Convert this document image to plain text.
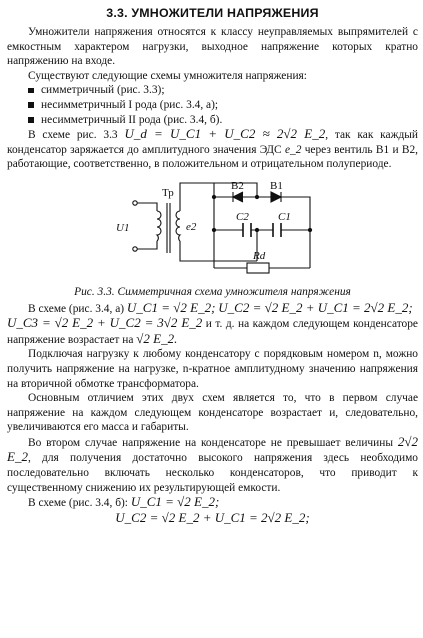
3.3. УМНОЖИТЕЛИ НАПРЯЖЕНИЯ

Умножители напряжения относятся к классу неуправляемых выпрямителей с емкостным характером нагрузки, выходное напряжение которых кратно напряжению на входе.

Существуют следующие схемы умножителя напряжения:

симметричный (рис. 3.3);
несимметричный I рода (рис. 3.4, а);
несимметричный II рода (рис. 3.4, б).

В схеме рис. 3.3 U_d = U_C1 + U_C2 ≈ 2√2 E_2, так как каждый конденсатор заряжается до амплитудного значения ЭДС e_2 через вентиль B1 и B2, работающие, соответственно, в положительном и отрицательном полупериоде.

U1	e2
C2	C1
Rd
Тр
B2 B1

Рис. 3.3. Симметричная схема умножителя напряжения

В схеме (рис. 3.4, а) U_C1 = √2 E_2; U_C2 = √2 E_2 + U_C1 = 2√2 E_2;

U_C3 = √2 E_2 + U_C2 = 3√2 E_2 и т. д. на каждом следующем конденсаторе напряжение возрастает на √2 E_2.

Подключая нагрузку к любому конденсатору с порядковым номером n, можно получить напряжение на нагрузке, n-кратное амплитудному значению напряжения на вторичной обмотке трансформатора.

Основным отличием этих двух схем является то, что в первом случае напряжение на каждом следующем конденсаторе возрастает и, следовательно, увеличиваются его масса и габариты.

Во втором случае напряжение на конденсаторе не превышает величины 2√2 E_2, для получения достаточно высокого напряжения здесь необходимо последовательно включать несколько конденсаторов, что приводит к существенному снижению их результирующей емкости.

В схеме (рис. 3.4, б): U_C1 = √2 E_2;

U_C2 = √2 E_2 + U_C1 = 2√2 E_2;
